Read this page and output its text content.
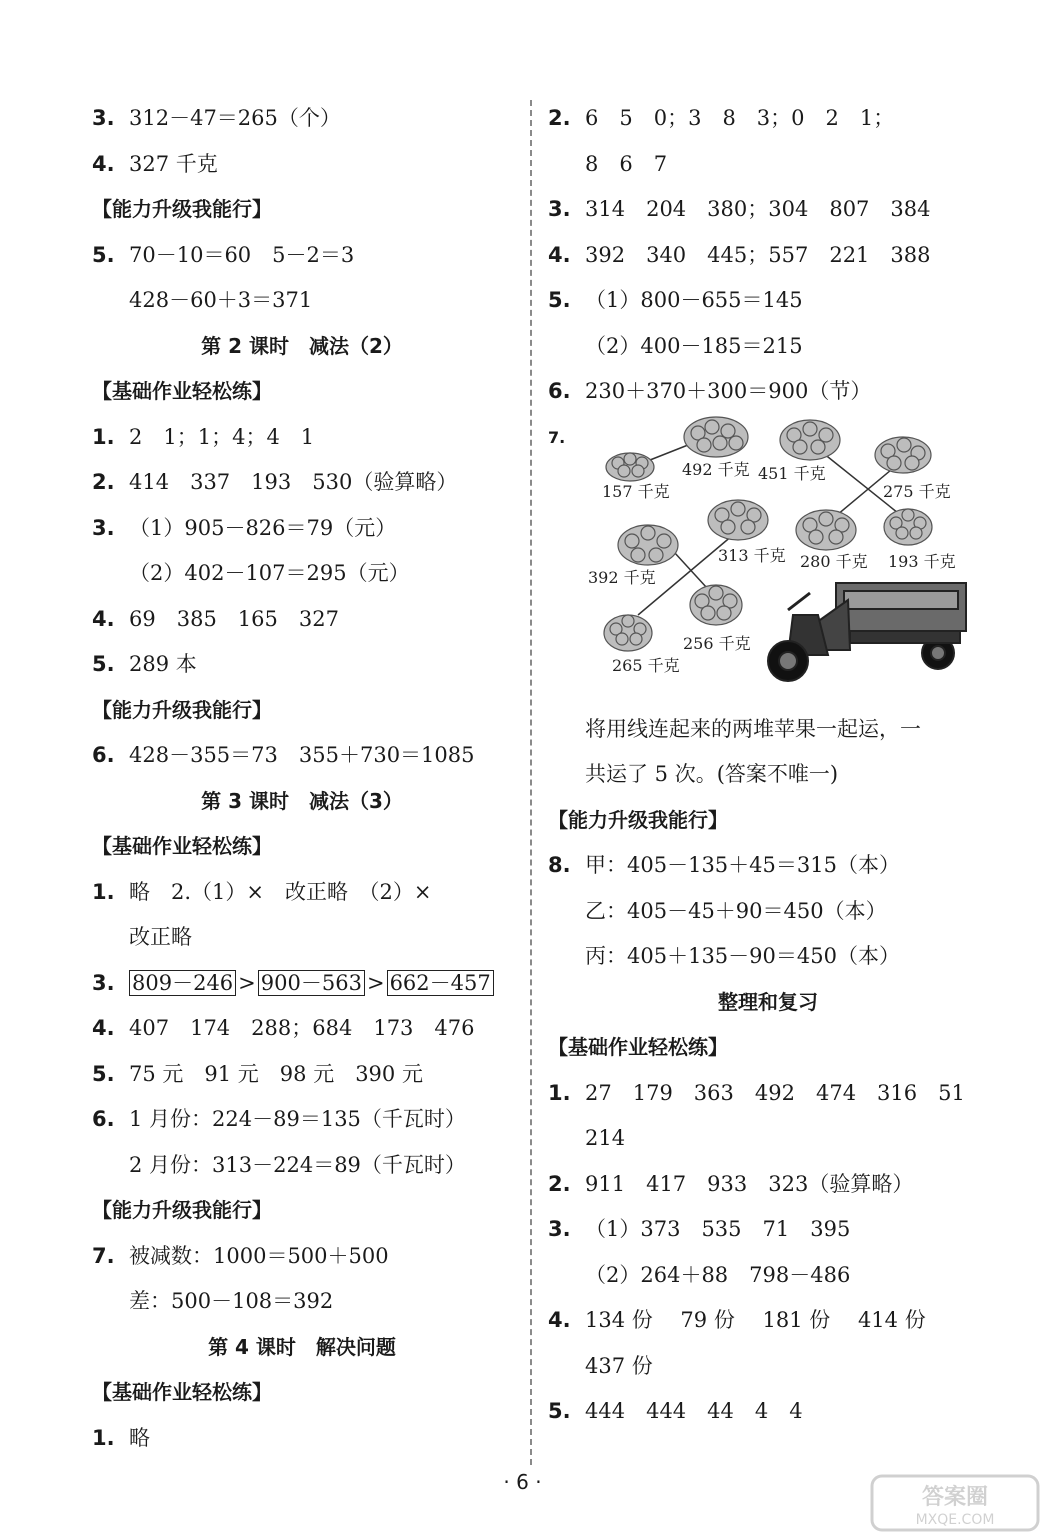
3. 312－47＝265（个）
4. 327 千克
【能力升级我能行】
5. 70－10＝60　5－2＝3
428－60＋3＝371
第 2 课时　减法（2）
【基础作业轻松练】
1. 2　1；1；4；4　1
2. 414　337　193　530（验算略）
3. （1）905－826＝79（元）
（2）402－107＝295（元）
4. 69　385　165　327
5. 289 本
【能力升级我能行】
6. 428－355＝73　355＋730＝1085
第 3 课时　减法（3）
【基础作业轻松练】
1. 略　2.（1）×　改正略　（2）×
改正略
3. 809－246 > 900－563 > 662－457
4. 407　174　288；684　173　476
5. 75 元　91 元　98 元　390 元
6. 1 月份：224－89＝135（千瓦时）
2 月份：313－224＝89（千瓦时）
【能力升级我能行】
7. 被减数：1000＝500＋500
差：500－108＝392
第 4 课时　解决问题
【基础作业轻松练】
1. 略
2. 6　5　0；3　8　3；0　2　1；
8　6　7
3. 314　204　380；304　807　384
4. 392　340　445；557　221　388
5. （1）800－655＝145
（2）400－185＝215
6. 230＋370＋300＝900（节）
7.
157 千克
492 千克 451 千克
275 千克
392 千克
313 千克 280 千克 193 千克
265 千克
256 千克
将用线连起来的两堆苹果一起运，一
共运了 5 次。(答案不唯一)
【能力升级我能行】
8. 甲：405－135＋45＝315（本）
乙：405－45＋90＝450（本）
丙：405＋135－90＝450（本）
整理和复习
【基础作业轻松练】
1. 27　179　363　492　474　316　51
214
2. 911　417　933　323（验算略）
3. （1）373　535　71　395
（2）264＋88　798－486
4. 134 份　 79 份　 181 份　 414 份
437 份
5. 444　444　44　4　4
· 6 ·
答案圈
MXQE.COM
